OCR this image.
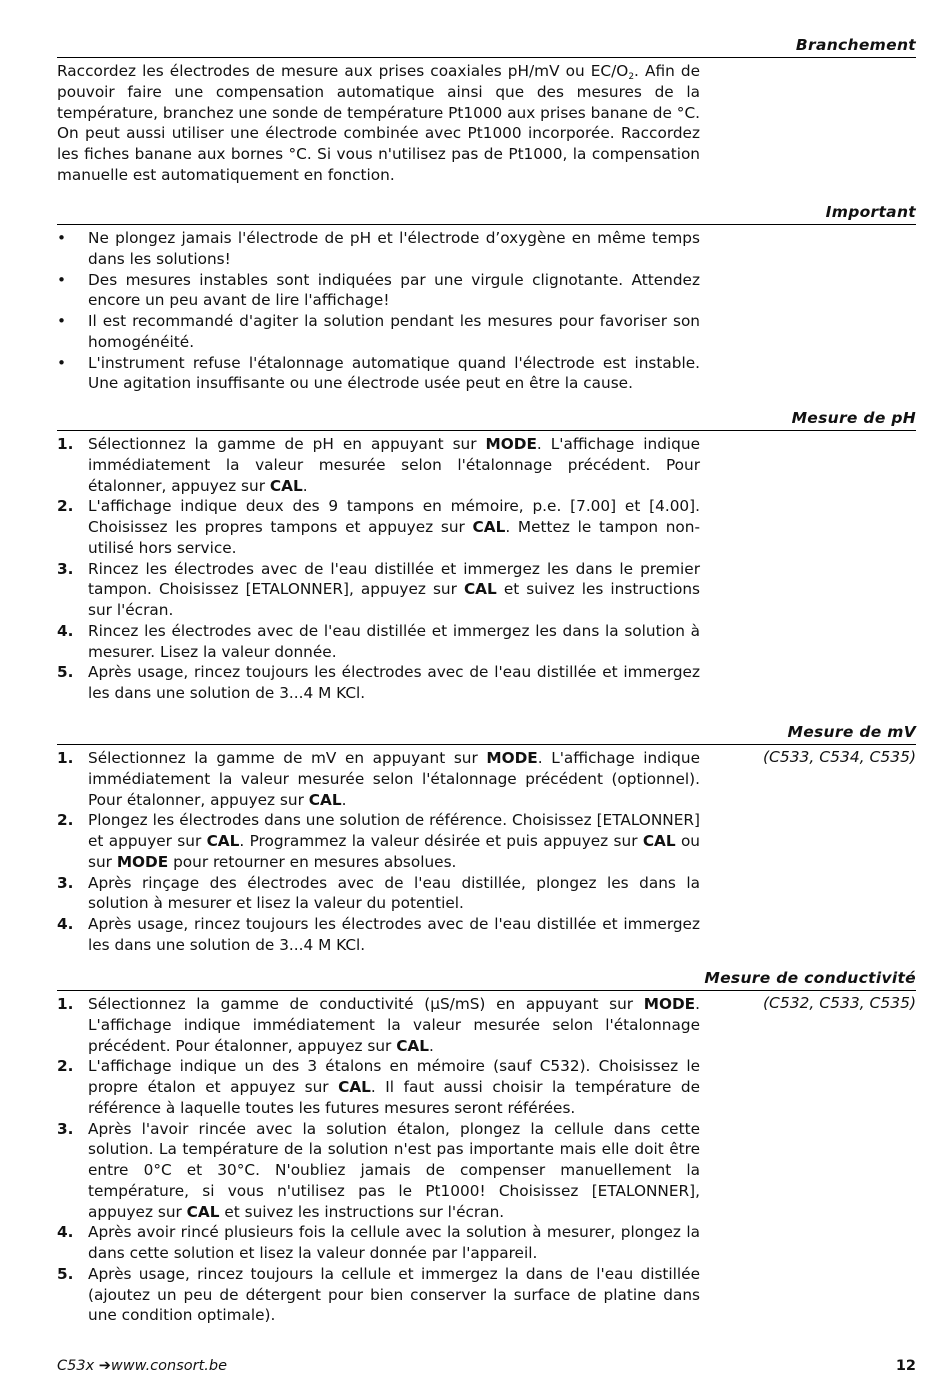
Branchement

Raccordez les électrodes de mesure aux prises coaxiales pH/mV ou $EC/O_2$. Afin de pouvoir faire une compensation automatique ainsi que des mesures de la température, branchez une sonde de température Pt1000 aux prises banane de °C. On peut aussi utiliser une électrode combinée avec Pt1000 incorporée. Raccordez les fiches banane aux bornes °C. Si vous n'utilisez pas de Pt1000, la compensation manuelle est automatiquement en fonction.

Important
• Ne plongez jamais l'électrode de pH et l'électrode d’oxygène en même temps dans les solutions!
• Des mesures instables sont indiquées par une virgule clignotante. Attendez encore un peu avant de lire l'affichage!
• Il est recommandé d'agiter la solution pendant les mesures pour favoriser son homogénéité.
• L'instrument refuse l'étalonnage automatique quand l'électrode est instable. Une agitation insuffisante ou une électrode usée peut en être la cause.
Mesure de pH
1. Sélectionnez la gamme de pH en appuyant sur MODE. L'affichage indique immédiatement la valeur mesurée selon l'étalonnage précédent. Pour étalonner, appuyez sur CAL.
2. L'affichage indique deux des 9 tampons en mémoire, p.e. [7.00] et [4.00]. Choisissez les propres tampons et appuyez sur CAL. Mettez le tampon non-utilisé hors service.
3. Rincez les électrodes avec de l'eau distillée et immergez les dans le premier tampon. Choisissez [ETALONNER], appuyez sur CAL et suivez les instructions sur l'écran.
4. Rincez les électrodes avec de l'eau distillée et immergez les dans la solution à mesurer. Lisez la valeur donnée.
5. Après usage, rincez toujours les électrodes avec de l'eau distillée et immergez les dans une solution de 3...4 M KCl.
Mesure de mV
(C533, C534, C535)
1. Sélectionnez la gamme de mV en appuyant sur MODE. L'affichage indique immédiatement la valeur mesurée selon l'étalonnage précédent (optionnel). Pour étalonner, appuyez sur CAL.
2. Plongez les électrodes dans une solution de référence. Choisissez [ETALONNER] et appuyer sur CAL. Programmez la valeur désirée et puis appuyez sur CAL ou sur MODE pour retourner en mesures absolues.
3. Après rinçage des électrodes avec de l'eau distillée, plongez les dans la solution à mesurer et lisez la valeur du potentiel.
4. Après usage, rincez toujours les électrodes avec de l'eau distillée et immergez les dans une solution de 3...4 M KCl.
Mesure de conductivité
(C532, C533, C535)
1. Sélectionnez la gamme de conductivité (µS/mS) en appuyant sur MODE. L'affichage indique immédiatement la valeur mesurée selon l'étalonnage précédent. Pour étalonner, appuyez sur CAL.
2. L'affichage indique un des 3 étalons en mémoire (sauf C532). Choisissez le propre étalon et appuyez sur CAL. Il faut aussi choisir la température de référence à laquelle toutes les futures mesures seront référées.
3. Après l'avoir rincée avec la solution étalon, plongez la cellule dans cette solution. La température de la solution n'est pas importante mais elle doit être entre 0°C et 30°C. N'oubliez jamais de compenser manuellement la température, si vous n'utilisez pas le Pt1000! Choisissez [ETALONNER], appuyez sur CAL et suivez les instructions sur l'écran.
4. Après avoir rincé plusieurs fois la cellule avec la solution à mesurer, plongez la dans cette solution et lisez la valeur donnée par l'appareil.
5. Après usage, rincez toujours la cellule et immergez la dans de l'eau distillée (ajoutez un peu de détergent pour bien conserver la surface de platine dans une condition optimale).
C53x ➔www.consort.be	12
